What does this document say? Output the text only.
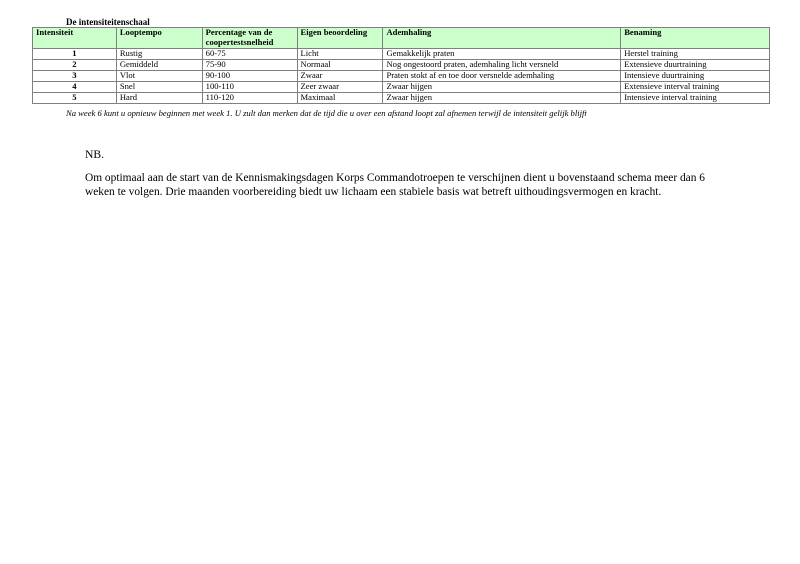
De intensiteitenschaal
Intensiteit	Looptempo	Percentage van de coopertestsnelheid	Eigen beoordeling	Ademhaling	Benaming
1	Rustig	60-75	Licht	Gemakkelijk praten	Herstel training
2	Gemiddeld	75-90	Normaal	Nog ongestoord praten, ademhaling licht versneld	Extensieve duurtraining
3	Vlot	90-100	Zwaar	Praten stokt af en toe door versnelde ademhaling	Intensieve duurtraining
4	Snel	100-110	Zeer zwaar	Zwaar hijgen	Extensieve interval training
5	Hard	110-120	Maximaal	Zwaar hijgen	Intensieve interval training
Na week 6 kunt u opnieuw beginnen met week 1. U zult dan merken dat de tijd die u over een afstand loopt zal afnemen terwijl de intensiteit gelijk blijft
NB.
Om optimaal aan de start van de Kennismakingsdagen Korps Commandotroepen te verschijnen dient u bovenstaand schema meer dan 6 weken te volgen. Drie maanden voorbereiding biedt uw lichaam een stabiele basis wat betreft uithoudingsvermogen en kracht.
